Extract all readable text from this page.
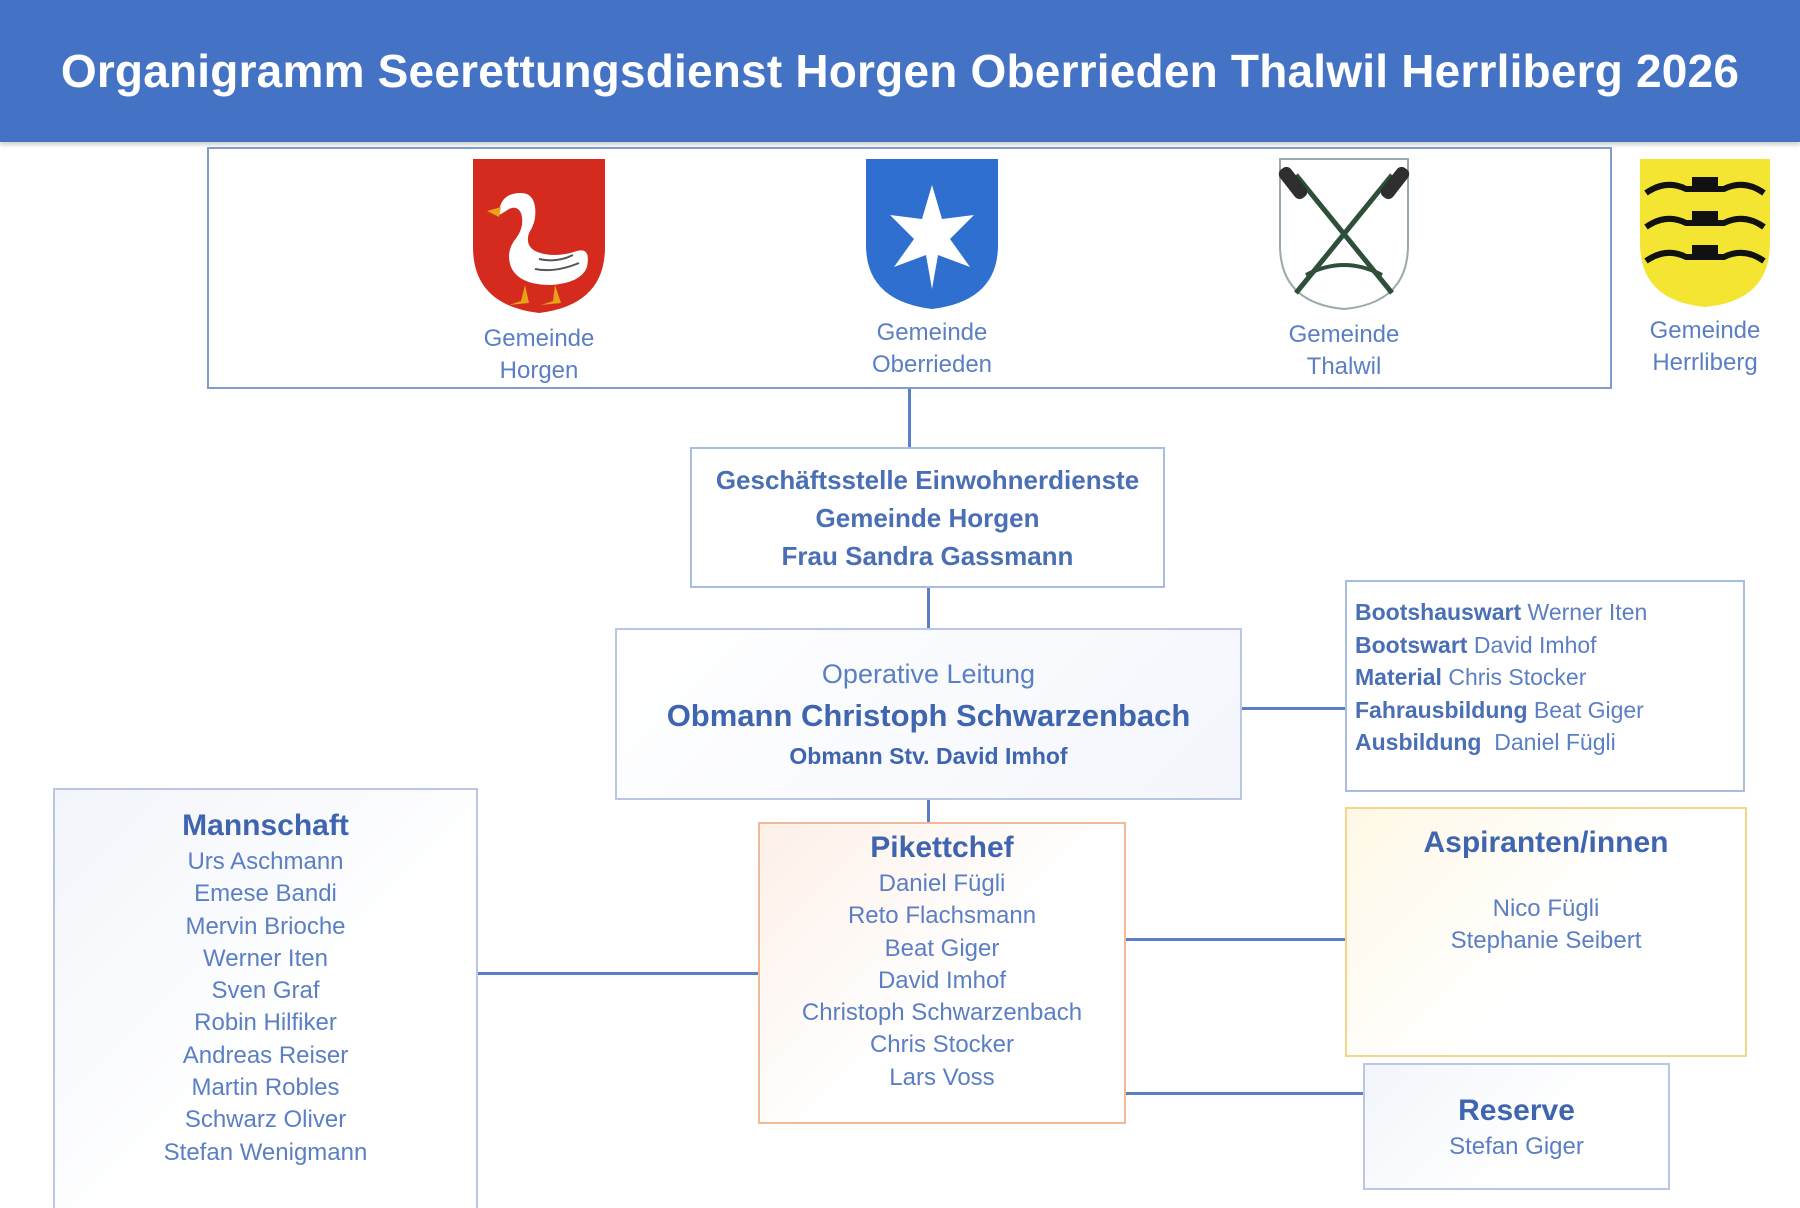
Organigramm Seerettungsdienst Horgen Oberrieden Thalwil Herrliberg 2026
Gemeinde
Horgen
Gemeinde
Oberrieden
Gemeinde
Thalwil
Gemeinde
Herrliberg
Geschäftsstelle Einwohnerdienste
Gemeinde Horgen
Frau Sandra Gassmann
Operative Leitung
Obmann Christoph Schwarzenbach
Obmann Stv. David Imhof
Bootshauswart Werner Iten
Bootswart David Imhof
Material Chris Stocker
Fahrausbildung Beat Giger
Ausbildung  Daniel Fügli
Mannschaft
Urs Aschmann
Emese Bandi
Mervin Brioche
Werner Iten
Sven Graf
Robin Hilfiker
Andreas Reiser
Martin Robles
Schwarz Oliver
Stefan Wenigmann
Pikettchef
Daniel Fügli
Reto Flachsmann
Beat Giger
David Imhof
Christoph Schwarzenbach
Chris Stocker
Lars Voss
Aspiranten/innen
Nico Fügli
Stephanie Seibert
Reserve
Stefan Giger
